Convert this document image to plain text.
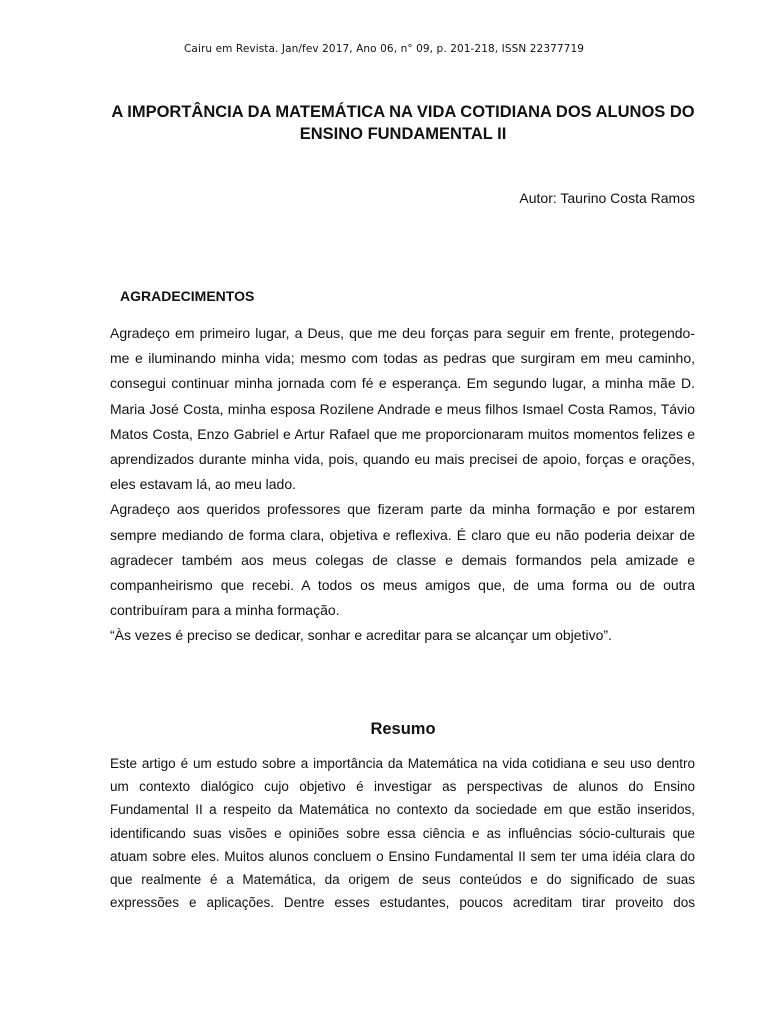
Cairu em Revista. Jan/fev 2017, Ano 06, n° 09, p. 201-218, ISSN 22377719
A IMPORTÂNCIA DA MATEMÁTICA NA VIDA COTIDIANA DOS ALUNOS DO ENSINO FUNDAMENTAL II
Autor: Taurino Costa Ramos
AGRADECIMENTOS

Agradeço em primeiro lugar, a Deus, que me deu forças para seguir em frente, protegendo-me e iluminando minha vida; mesmo com todas as pedras que surgiram em meu caminho, consegui continuar minha jornada com fé e esperança. Em segundo lugar, a minha mãe D. Maria José Costa, minha esposa Rozilene Andrade e meus filhos Ismael Costa Ramos, Távio Matos Costa, Enzo Gabriel e Artur Rafael que me proporcionaram muitos momentos felizes e aprendizados durante minha vida, pois, quando eu mais precisei de apoio, forças e orações, eles estavam lá, ao meu lado.

Agradeço aos queridos professores que fizeram parte da minha formação e por estarem sempre mediando de forma clara, objetiva e reflexiva. É claro que eu não poderia deixar de agradecer também aos meus colegas de classe e demais formandos pela amizade e companheirismo que recebi. A todos os meus amigos que, de uma forma ou de outra contribuíram para a minha formação.

“Às vezes é preciso se dedicar, sonhar e acreditar para se alcançar um objetivo”.

Resumo

Este artigo é um estudo sobre a importância da Matemática na vida cotidiana e seu uso dentro um contexto dialógico cujo objetivo é investigar as perspectivas de alunos do Ensino Fundamental II a respeito da Matemática no contexto da sociedade em que estão inseridos, identificando suas visões e opiniões sobre essa ciência e as influências sócio-culturais que atuam sobre eles. Muitos alunos concluem o Ensino Fundamental II sem ter uma idéia clara do que realmente é a Matemática, da origem de seus conteúdos e do significado de suas expressões e aplicações. Dentre esses estudantes, poucos acreditam tirar proveito dos
